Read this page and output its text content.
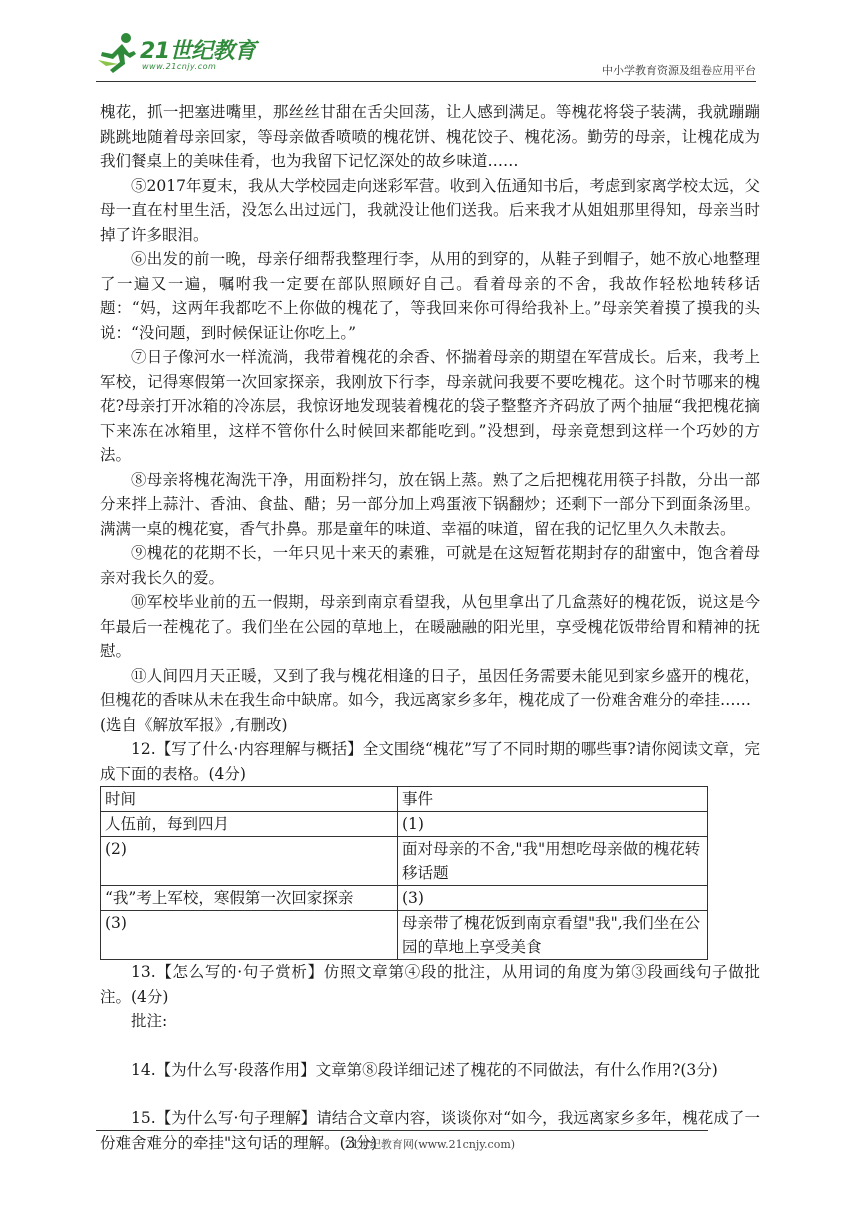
21世纪教育
www.21cnjy.com	中小学教育资源及组卷应用平台

槐花，抓一把塞进嘴里，那丝丝甘甜在舌尖回荡，让人感到满足。等槐花将袋子装满，我就蹦蹦跳跳地随着母亲回家，等母亲做香喷喷的槐花饼、槐花饺子、槐花汤。勤劳的母亲，让槐花成为我们餐桌上的美味佳肴，也为我留下记忆深处的故乡味道……

⑤2017年夏末，我从大学校园走向迷彩军营。收到入伍通知书后，考虑到家离学校太远，父母一直在村里生活，没怎么出过远门，我就没让他们送我。后来我才从姐姐那里得知，母亲当时掉了许多眼泪。

⑥出发的前一晚，母亲仔细帮我整理行李，从用的到穿的，从鞋子到帽子，她不放心地整理了一遍又一遍，嘱咐我一定要在部队照顾好自己。看着母亲的不舍，我故作轻松地转移话题：“妈，这两年我都吃不上你做的槐花了，等我回来你可得给我补上。”母亲笑着摸了摸我的头说：“没问题，到时候保证让你吃上。”

⑦日子像河水一样流淌，我带着槐花的余香、怀揣着母亲的期望在军营成长。后来，我考上军校，记得寒假第一次回家探亲，我刚放下行李，母亲就问我要不要吃槐花。这个时节哪来的槐花?母亲打开冰箱的冷冻层，我惊讶地发现装着槐花的袋子整整齐齐码放了两个抽屉“我把槐花摘下来冻在冰箱里，这样不管你什么时候回来都能吃到。”没想到，母亲竟想到这样一个巧妙的方法。

⑧母亲将槐花淘洗干净，用面粉拌匀，放在锅上蒸。熟了之后把槐花用筷子抖散，分出一部分来拌上蒜汁、香油、食盐、醋；另一部分加上鸡蛋液下锅翻炒；还剩下一部分下到面条汤里。满满一桌的槐花宴，香气扑鼻。那是童年的味道、幸福的味道，留在我的记忆里久久未散去。

⑨槐花的花期不长，一年只见十来天的素雅，可就是在这短暂花期封存的甜蜜中，饱含着母亲对我长久的爱。

⑩军校毕业前的五一假期，母亲到南京看望我，从包里拿出了几盒蒸好的槐花饭，说这是今年最后一茬槐花了。我们坐在公园的草地上，在暖融融的阳光里，享受槐花饭带给胃和精神的抚慰。

⑪人间四月天正暖，又到了我与槐花相逢的日子，虽因任务需要未能见到家乡盛开的槐花，但槐花的香味从未在我生命中缺席。如今，我远离家乡多年，槐花成了一份难舍难分的牵挂……

(选自《解放军报》,有删改)

12.【写了什么·内容理解与概括】全文围绕“槐花”写了不同时期的哪些事?请你阅读文章，完成下面的表格。(4分)

时间	事件
人伍前，每到四月	(1)
(2)	面对母亲的不舍,"我"用想吃母亲做的槐花转移话题
“我”考上军校，寒假第一次回家探亲	(3)
(3)	母亲带了槐花饭到南京看望"我",我们坐在公园的草地上享受美食

13.【怎么写的·句子赏析】仿照文章第④段的批注，从用词的角度为第③段画线句子做批注。(4分)

批注:

14.【为什么写·段落作用】文章第⑧段详细记述了槐花的不同做法，有什么作用?(3分)

15.【为什么写·句子理解】请结合文章内容，谈谈你对“如今，我远离家乡多年，槐花成了一份难舍难分的牵挂"这句话的理解。(3分)

21世纪教育网(www.21cnjy.com)
